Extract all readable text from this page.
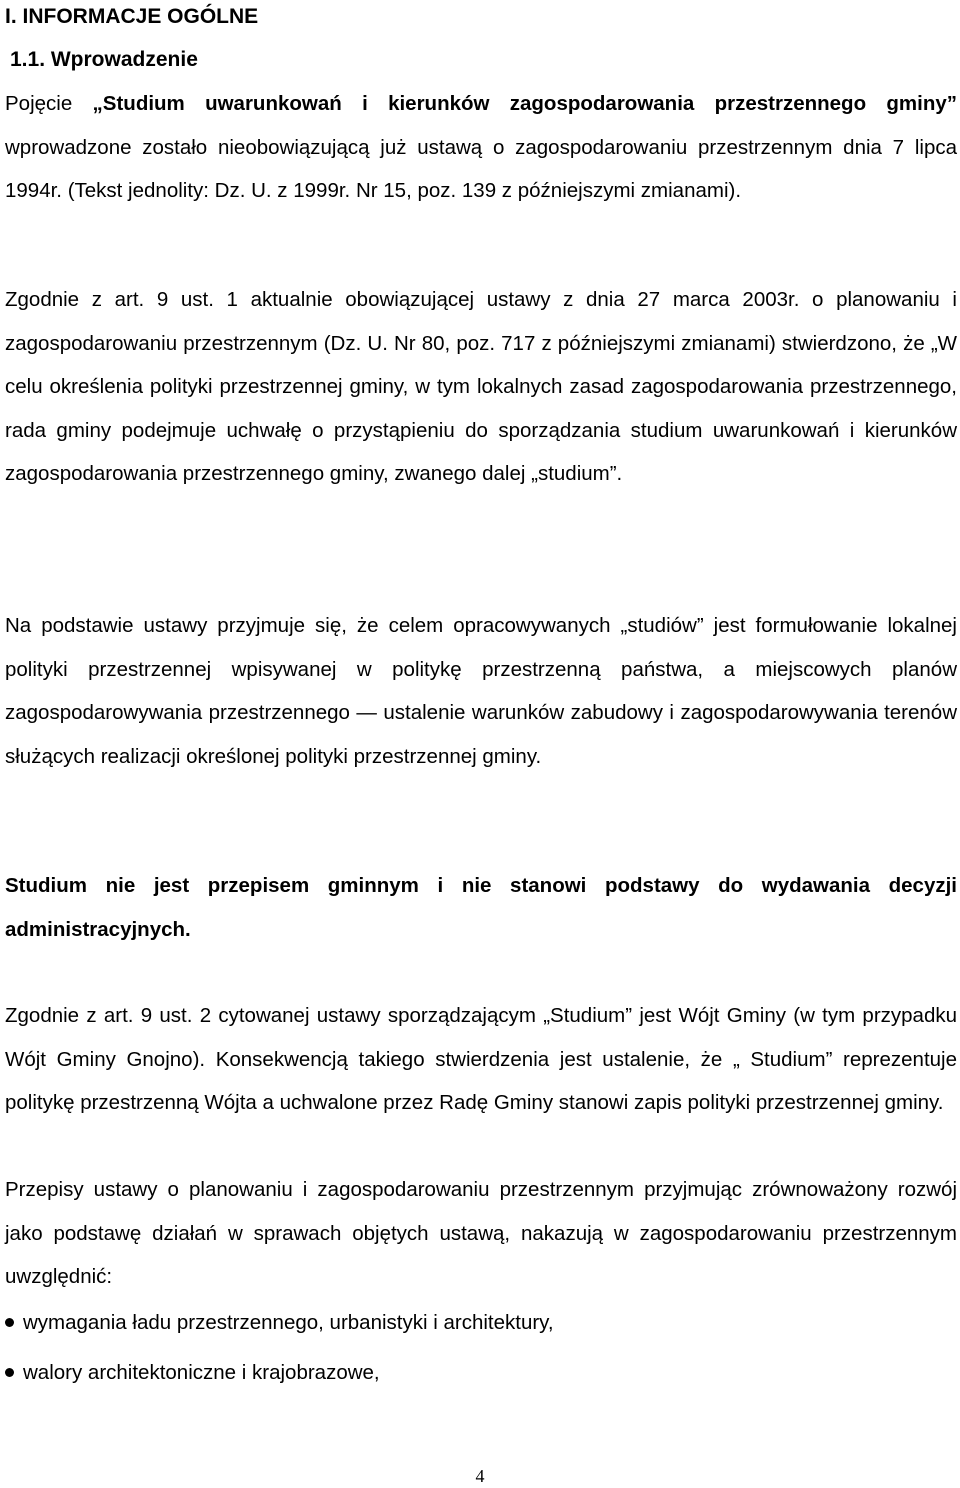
I. INFORMACJE OGÓLNE
1.1. Wprowadzenie

Pojęcie „Studium uwarunkowań i kierunków zagospodarowania przestrzennego gminy” wprowadzone zostało nieobowiązującą już ustawą o zagospodarowaniu przestrzennym dnia 7 lipca 1994r. (Tekst jednolity: Dz. U. z 1999r. Nr 15, poz. 139 z późniejszymi zmianami).

Zgodnie z art. 9 ust. 1 aktualnie obowiązującej ustawy z dnia 27 marca 2003r. o planowaniu i zagospodarowaniu przestrzennym (Dz. U. Nr 80, poz. 717 z późniejszymi zmianami) stwierdzono, że „W celu określenia polityki przestrzennej gminy, w tym lokalnych zasad zagospodarowania przestrzennego, rada gminy podejmuje uchwałę o przystąpieniu do sporządzania studium uwarunkowań i kierunków zagospodarowania przestrzennego gminy, zwanego dalej „studium”.

Na podstawie ustawy przyjmuje się, że celem opracowywanych „studiów” jest formułowanie lokalnej polityki przestrzennej wpisywanej w politykę przestrzenną państwa, a miejscowych planów zagospodarowywania przestrzennego ― ustalenie warunków zabudowy i zagospodarowywania terenów służących realizacji określonej polityki przestrzennej gminy.

Studium nie jest przepisem gminnym i nie stanowi podstawy do wydawania decyzji administracyjnych.

Zgodnie z art. 9 ust. 2 cytowanej ustawy sporządzającym „Studium” jest Wójt Gminy (w tym przypadku Wójt Gminy Gnojno). Konsekwencją takiego stwierdzenia jest ustalenie, że „ Studium” reprezentuje politykę przestrzenną Wójta a uchwalone przez Radę Gminy stanowi zapis polityki przestrzennej gminy.

Przepisy ustawy o planowaniu i zagospodarowaniu przestrzennym przyjmując zrównoważony rozwój jako podstawę działań w sprawach objętych ustawą, nakazują w zagospodarowaniu przestrzennym uwzględnić:

wymagania ładu przestrzennego, urbanistyki i architektury,
walory architektoniczne i krajobrazowe,
4
